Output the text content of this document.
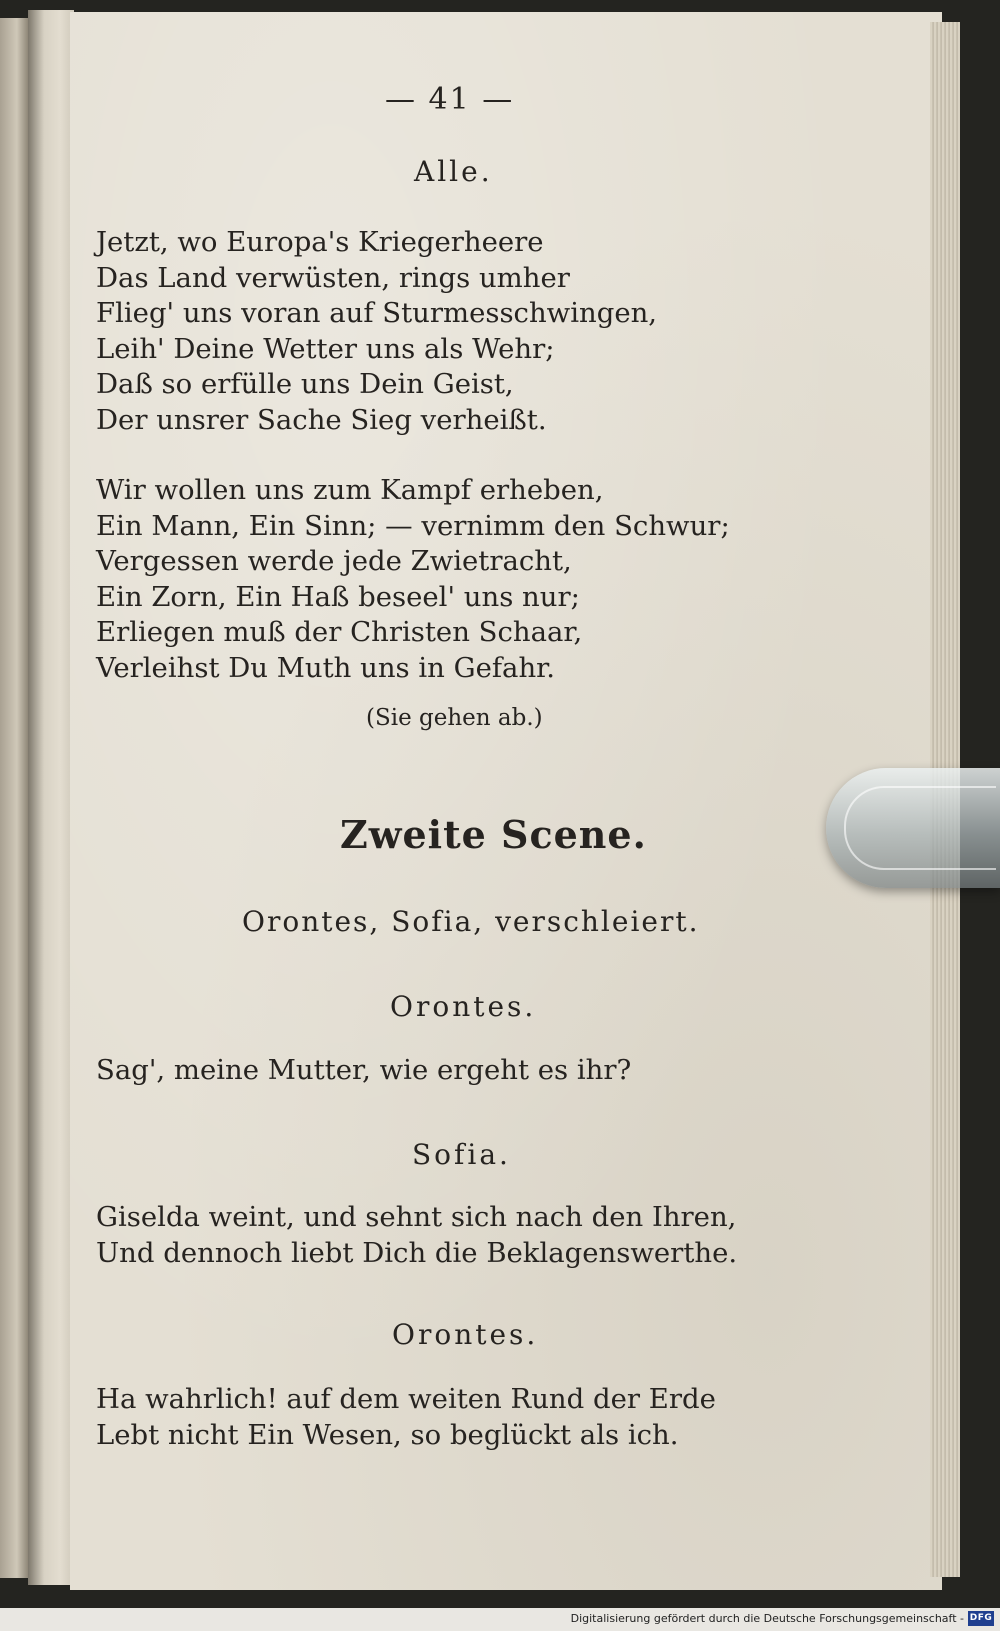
— 41 —
Alle.
Jetzt, wo Europa's Kriegerheere
Das Land verwüsten, rings umher
Flieg' uns voran auf Sturmesschwingen,
Leih' Deine Wetter uns als Wehr;
Daß so erfülle uns Dein Geist,
Der unsrer Sache Sieg verheißt.
Wir wollen uns zum Kampf erheben,
Ein Mann, Ein Sinn; — vernimm den Schwur;
Vergessen werde jede Zwietracht,
Ein Zorn, Ein Haß beseel' uns nur;
Erliegen muß der Christen Schaar,
Verleihst Du Muth uns in Gefahr.
(Sie gehen ab.)
Zweite Scene.
Orontes, Sofia, verschleiert.
Orontes.
Sag', meine Mutter, wie ergeht es ihr?
Sofia.
Giselda weint, und sehnt sich nach den Ihren,
Und dennoch liebt Dich die Beklagenswerthe.
Orontes.
Ha wahrlich! auf dem weiten Rund der Erde
Lebt nicht Ein Wesen, so beglückt als ich.
Digitalisierung gefördert durch die Deutsche Forschungsgemeinschaft - DFG
